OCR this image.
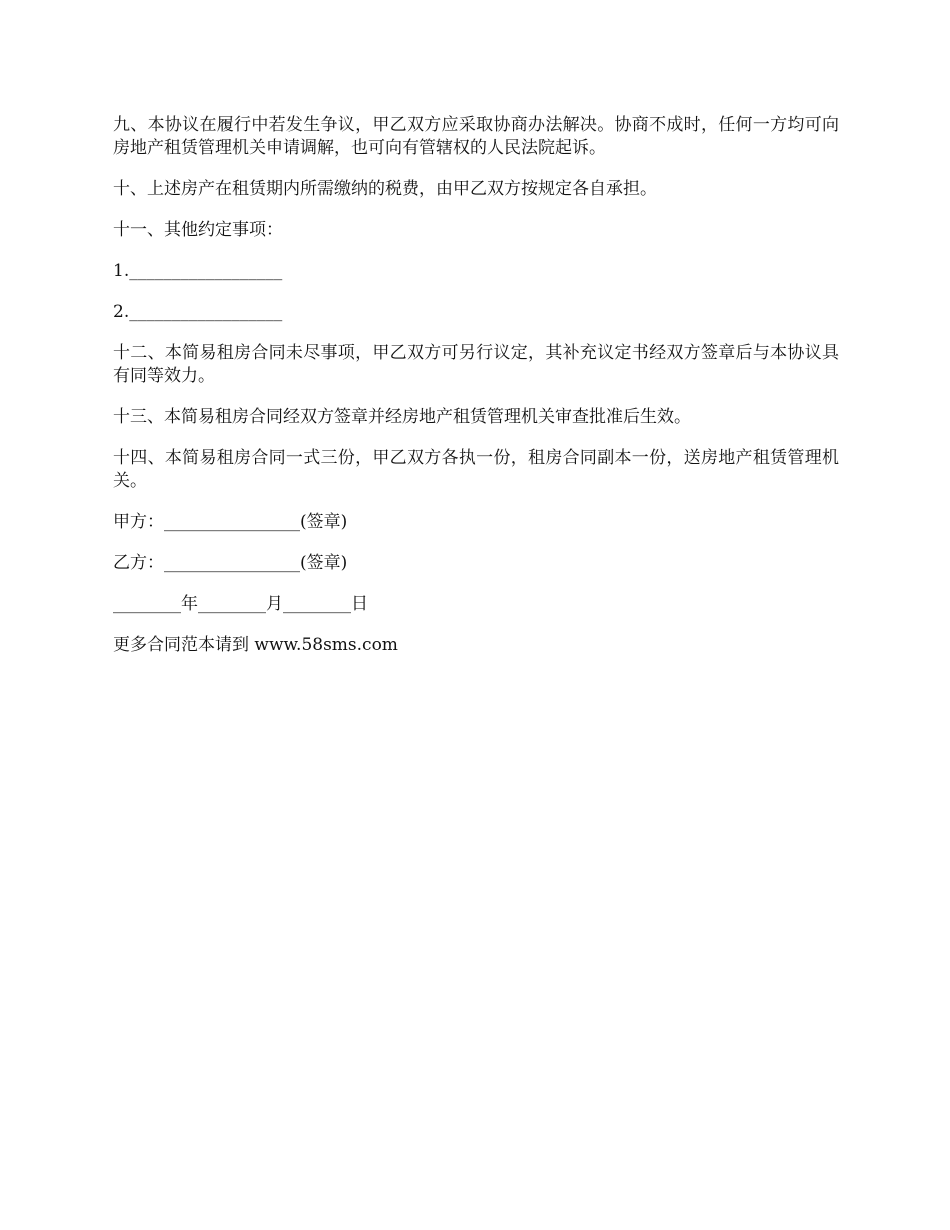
九、本协议在履行中若发生争议，甲乙双方应采取协商办法解决。协商不成时，任何一方均可向房地产租赁管理机关申请调解，也可向有管辖权的人民法院起诉。

十、上述房产在租赁期内所需缴纳的税费，由甲乙双方按规定各自承担。

十一、其他约定事项：

1.__________________

2.__________________

十二、本简易租房合同未尽事项，甲乙双方可另行议定，其补充议定书经双方签章后与本协议具有同等效力。

十三、本简易租房合同经双方签章并经房地产租赁管理机关审查批准后生效。

十四、本简易租房合同一式三份，甲乙双方各执一份，租房合同副本一份，送房地产租赁管理机关。

甲方：________________(签章)

乙方：________________(签章)

________年________月________日

更多合同范本请到 www.58sms.com
